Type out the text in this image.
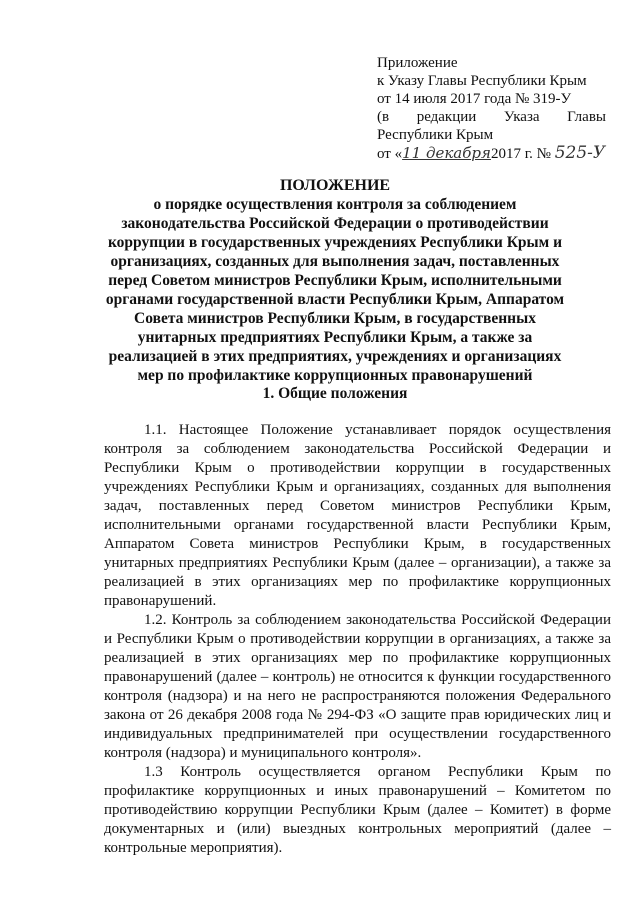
Приложение
к Указу Главы Республики Крым
от 14 июля 2017 года № 319-У
(в редакции Указа Главы
Республики Крым
от «11 декабря2017 г. № 525-У
ПОЛОЖЕНИЕ
о порядке осуществления контроля за соблюдением законодательства Российской Федерации о противодействии коррупции в государственных учреждениях Республики Крым и организациях, созданных для выполнения задач, поставленных перед Советом министров Республики Крым, исполнительными органами государственной власти Республики Крым, Аппаратом Совета министров Республики Крым, в государственных унитарных предприятиях Республики Крым, а также за реализацией в этих предприятиях, учреждениях и организациях мер по профилактике коррупционных правонарушений
1. Общие положения

1.1. Настоящее Положение устанавливает порядок осуществления контроля за соблюдением законодательства Российской Федерации и Республики Крым о противодействии коррупции в государственных учреждениях Республики Крым и организациях, созданных для выполнения задач, поставленных перед Советом министров Республики Крым, исполнительными органами государственной власти Республики Крым, Аппаратом Совета министров Республики Крым, в государственных унитарных предприятиях Республики Крым (далее – организации), а также за реализацией в этих организациях мер по профилактике коррупционных правонарушений.

1.2. Контроль за соблюдением законодательства Российской Федерации и Республики Крым о противодействии коррупции в организациях, а также за реализацией в этих организациях мер по профилактике коррупционных правонарушений (далее – контроль) не относится к функции государственного контроля (надзора) и на него не распространяются положения Федерального закона от 26 декабря 2008 года № 294-ФЗ «О защите прав юридических лиц и индивидуальных предпринимателей при осуществлении государственного контроля (надзора) и муниципального контроля».

1.3 Контроль осуществляется органом Республики Крым по профилактике коррупционных и иных правонарушений – Комитетом по противодействию коррупции Республики Крым (далее – Комитет) в форме документарных и (или) выездных контрольных мероприятий (далее – контрольные мероприятия).
